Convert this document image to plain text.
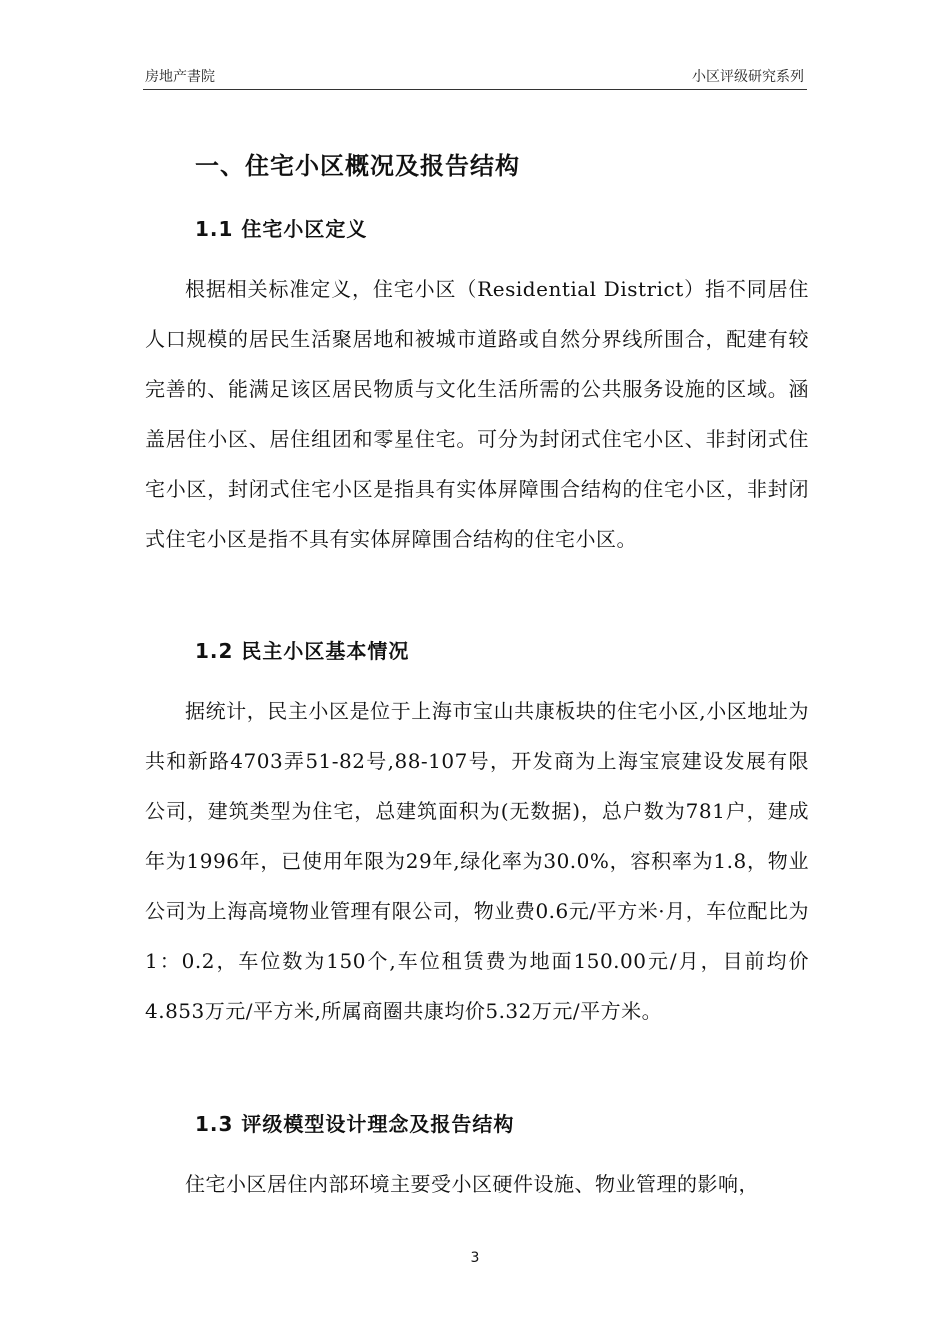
房地产書院	小区评级研究系列
一、住宅小区概况及报告结构
1.1 住宅小区定义

根据相关标准定义，住宅小区（Residential District）指不同居住人口规模的居民生活聚居地和被城市道路或自然分界线所围合，配建有较完善的、能满足该区居民物质与文化生活所需的公共服务设施的区域。涵盖居住小区、居住组团和零星住宅。可分为封闭式住宅小区、非封闭式住宅小区，封闭式住宅小区是指具有实体屏障围合结构的住宅小区，非封闭式住宅小区是指不具有实体屏障围合结构的住宅小区。

1.2 民主小区基本情况

据统计，民主小区是位于上海市宝山共康板块的住宅小区,小区地址为共和新路4703弄51-82号,88-107号，开发商为上海宝宸建设发展有限公司，建筑类型为住宅，总建筑面积为(无数据)，总户数为781户，建成年为1996年，已使用年限为29年,绿化率为30.0%，容积率为1.8，物业公司为上海高境物业管理有限公司，物业费0.6元/平方米·月，车位配比为1：0.2，车位数为150个,车位租赁费为地面150.00元/月，目前均价4.853万元/平方米,所属商圈共康均价5.32万元/平方米。

1.3 评级模型设计理念及报告结构

住宅小区居住内部环境主要受小区硬件设施、物业管理的影响，

3
